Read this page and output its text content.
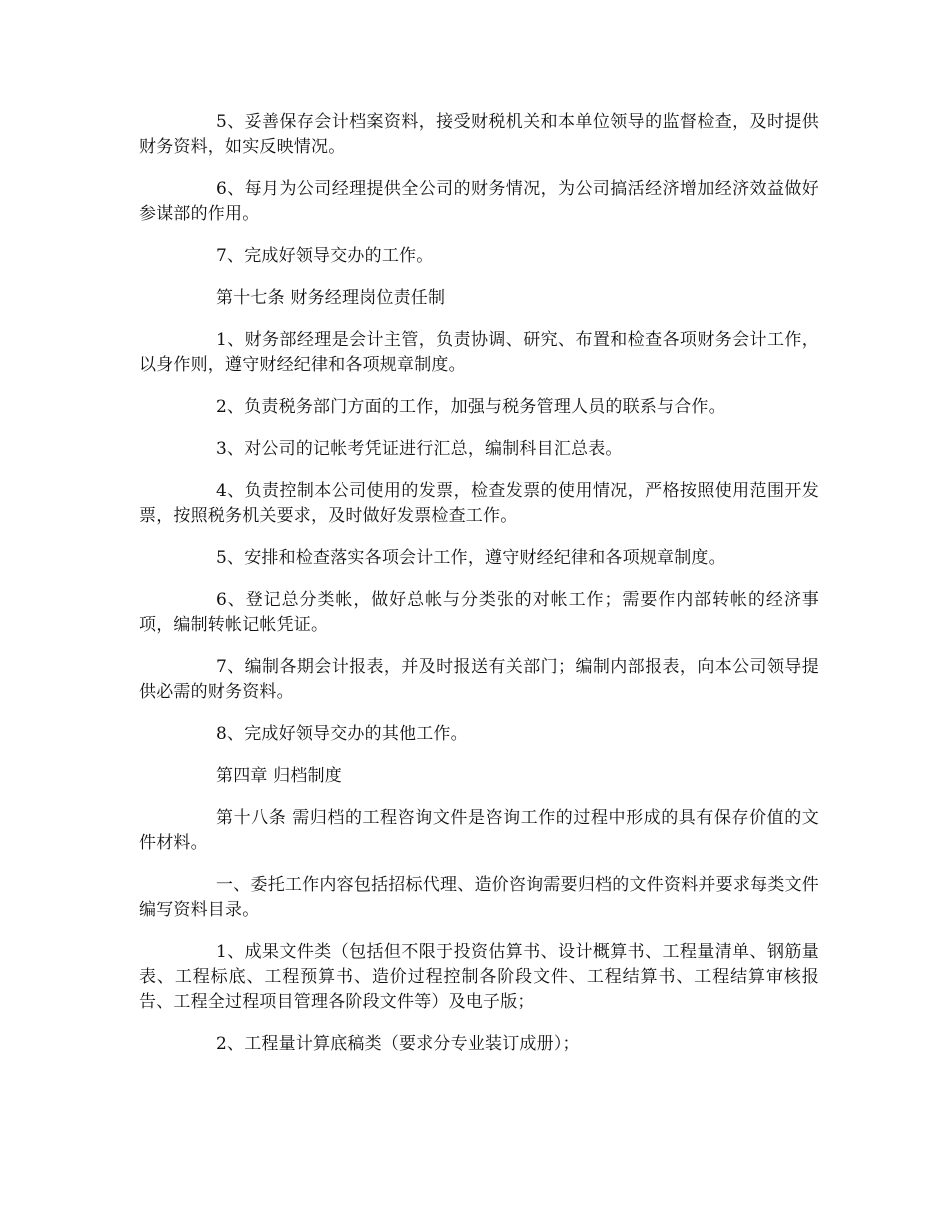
5、妥善保存会计档案资料，接受财税机关和本单位领导的监督检查，及时提供财务资料，如实反映情况。

6、每月为公司经理提供全公司的财务情况，为公司搞活经济增加经济效益做好参谋部的作用。

7、完成好领导交办的工作。

第十七条 财务经理岗位责任制

1、财务部经理是会计主管，负责协调、研究、布置和检查各项财务会计工作，以身作则，遵守财经纪律和各项规章制度。

2、负责税务部门方面的工作，加强与税务管理人员的联系与合作。

3、对公司的记帐考凭证进行汇总，编制科目汇总表。

4、负责控制本公司使用的发票，检查发票的使用情况，严格按照使用范围开发票，按照税务机关要求，及时做好发票检查工作。

5、安排和检查落实各项会计工作，遵守财经纪律和各项规章制度。

6、登记总分类帐，做好总帐与分类张的对帐工作；需要作内部转帐的经济事项，编制转帐记帐凭证。

7、编制各期会计报表，并及时报送有关部门；编制内部报表，向本公司领导提供必需的财务资料。

8、完成好领导交办的其他工作。

第四章 归档制度

第十八条 需归档的工程咨询文件是咨询工作的过程中形成的具有保存价值的文件材料。

一、委托工作内容包括招标代理、造价咨询需要归档的文件资料并要求每类文件编写资料目录。

1、成果文件类（包括但不限于投资估算书、设计概算书、工程量清单、钢筋量表、工程标底、工程预算书、造价过程控制各阶段文件、工程结算书、工程结算审核报告、工程全过程项目管理各阶段文件等）及电子版；

2、工程量计算底稿类（要求分专业装订成册）；
